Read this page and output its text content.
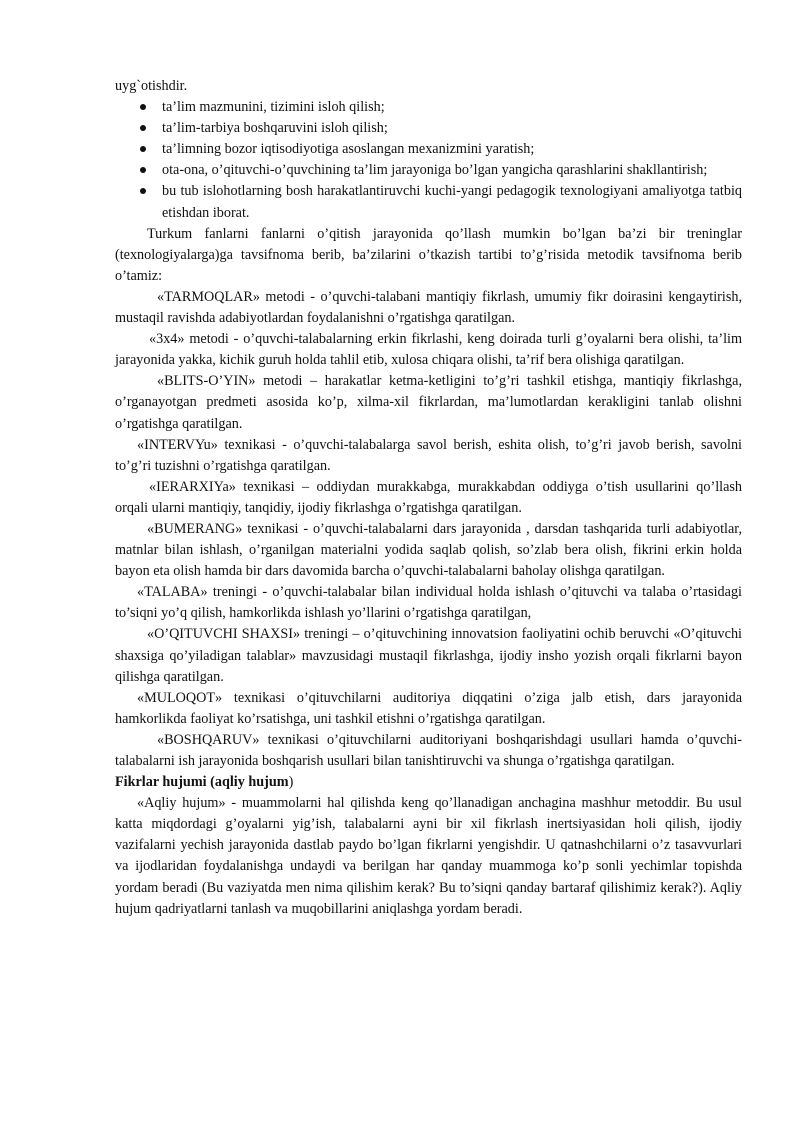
uyg`otishdir.

ta’lim mazmunini, tizimini isloh qilish;
ta’lim-tarbiya boshqaruvini isloh qilish;
ta’limning bozor iqtisodiyotiga asoslangan mexanizmini yaratish;
ota-ona, o’qituvchi-o’quvchining ta’lim jarayoniga bo’lgan yangicha qarashlarini shakllantirish;
bu tub islohotlarning bosh harakatlantiruvchi kuchi-yangi pedagogik texnologiyani amaliyotga tatbiq etishdan iborat.

Turkum fanlarni fanlarni o’qitish jarayonida qo’llash mumkin bo’lgan ba’zi bir treninglar (texnologiyalarga)ga tavsifnoma berib, ba’zilarini o’tkazish tartibi to’g’risida metodik tavsifnoma berib o’tamiz:

«TARMOQLAR» metodi - o’quvchi-talabani mantiqiy fikrlash, umumiy fikr doirasini kengaytirish, mustaqil ravishda adabiyotlardan foydalanishni o’rgatishga qaratilgan.

«3x4» metodi - o’quvchi-talabalarning erkin fikrlashi, keng doirada turli g’oyalarni bera olishi, ta’lim jarayonida yakka, kichik guruh holda tahlil etib, xulosa chiqara olishi, ta’rif bera olishiga qaratilgan.

«BLITS-O’YIN» metodi – harakatlar ketma-ketligini to’g’ri tashkil etishga, mantiqiy fikrlashga, o’rganayotgan predmeti asosida ko’p, xilma-xil fikrlardan, ma’lumotlardan kerakligini tanlab olishni o’rgatishga qaratilgan.

«INTERVYu» texnikasi - o’quvchi-talabalarga savol berish, eshita olish, to’g’ri javob berish, savolni to’g’ri tuzishni o’rgatishga qaratilgan.

«IERARXIYa» texnikasi – oddiydan murakkabga, murakkabdan oddiyga o’tish usullarini qo’llash orqali ularni mantiqiy, tanqidiy, ijodiy fikrlashga o’rgatishga qaratilgan.

«BUMERANG» texnikasi - o’quvchi-talabalarni dars jarayonida , darsdan tashqarida turli adabiyotlar, matnlar bilan ishlash, o’rganilgan materialni yodida saqlab qolish, so’zlab bera olish, fikrini erkin holda bayon eta olish hamda bir dars davomida barcha o’quvchi-talabalarni baholay olishga qaratilgan.

«TALABA» treningi - o’quvchi-talabalar bilan individual holda ishlash o’qituvchi va talaba o’rtasidagi to’siqni yo’q qilish, hamkorlikda ishlash yo’llarini o’rgatishga qaratilgan,

«O’QITUVCHI SHAXSI» treningi – o’qituvchining innovatsion faoliyatini ochib beruvchi «O’qituvchi shaxsiga qo’yiladigan talablar» mavzusidagi mustaqil fikrlashga, ijodiy insho yozish orqali fikrlarni bayon qilishga qaratilgan.

«MULOQOT» texnikasi o’qituvchilarni auditoriya diqqatini o’ziga jalb etish, dars jarayonida hamkorlikda faoliyat ko’rsatishga, uni tashkil etishni o’rgatishga qaratilgan.

«BOSHQARUV» texnikasi o’qituvchilarni auditoriyani boshqarishdagi usullari hamda o’quvchi-talabalarni ish jarayonida boshqarish usullari bilan tanishtiruvchi va shunga o’rgatishga qaratilgan.

Fikrlar hujumi (aqliy hujum)

«Aqliy hujum» - muammolarni hal qilishda keng qo’llanadigan anchagina mashhur metoddir. Bu usul katta miqdordagi g’oyalarni yig’ish, talabalarni ayni bir xil fikrlash inertsiyasidan holi qilish, ijodiy vazifalarni yechish jarayonida dastlab paydo bo’lgan fikrlarni yengishdir. U qatnashchilarni o’z tasavvurlari va ijodlaridan foydalanishga undaydi va berilgan har qanday muammoga ko’p sonli yechimlar topishda yordam beradi (Bu vaziyatda men nima qilishim kerak? Bu to’siqni qanday bartaraf qilishimiz kerak?). Aqliy hujum qadriyatlarni tanlash va muqobillarini aniqlashga yordam beradi.
